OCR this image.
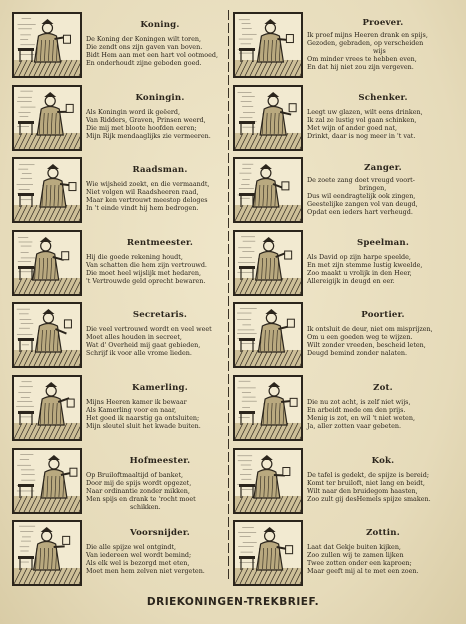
Koning.
De Koning der Koningen wilt toren,
Die zendt ons zijn gaven van boven.
Bidt Hem aan met een hart vol ootmoed,
En onderhoudt zijne geboden goed.
Koningin.
Als Koningin word ik geëerd,
Van Ridders, Graven, Prinsen weerd,
Die mij met bloote hoofden eeren;
Mijn Rijk mendaaglijks zie vermeeren.
Raadsman.
Wie wijsheid zoekt, en die vermaandt,
Niet volgen wil Raadsheeren raad,
Maar ken vertrouwt meestop deloges
In 't einde vindt hij hem bedrogen.
Rentmeester.
Hij die goede rekening houdt,
Van schatten die hem zijn vertrouwd.
Die moet heel wijslijk met hedaren,
't Vertrouwde geld oprecht bewaren.
Secretaris.
Die veel vertrouwd wordt en veel weet
Moet alles houden in secreet,
Wat d' Overheid mij gaat gebieden,
Schrijf ik voor alle vrome lieden.
Kamerling.
Mijns Heeren kamer ik bewaar
Als Kamerling voor en naar,
Het goed ik naarstig ga ontsluiten;
Mijn sleutel sluit het kwade buiten.
Hofmeester.
Op Bruiloftmaaltijd of banket,
Door mij de spijs wordt opgezet,
Naar ordinantie zonder mikken,
Men spijs en drank te 'rocht moet
schikken.
Voorsnijder.
Die alle spijze wel ontgindt,
Van iedereen wel wordt bemind;
Als elk wel is bezorgd met eten,
Moet men hem zelven niet vergeten.
Proever.
Ik proef mijns Heeren drank en spijs,
Gezoden, gebraden, op verscheiden
wijs
Om minder vrees te hebben even,
En dat hij niet zou zijn vergeven.
Schenker.
Leegt uw glazen, wilt eens drinken,
Ik zal ze lustig vol gaan schinken,
Met wijn of ander goed nat,
Drinkt, daar is nog meer in 't vat.
Zanger.
De zoete zang doet vreugd voort-
bringen,
Dus wil eendragtelijk ook zingen,
Geestelijke zangen vol van deugd,
Opdat een ieders hart verheugd.
Speelman.
Als David op zijn harpe speelde,
En met zijn stemme lustig kweelde,
Zoo maakt u vrolijk in den Heer,
Allereigijk in deugd en eer.
Poortier.
Ik ontsluit de deur, niet om misprijzen,
Om u een goeden weg te wijzen.
Wilt zonder vreeden, bescheid leten,
Deugd bemind zonder nalaten.
Zot.
Die nu zot acht, is zelf niet wijs,
En arbeidt mede om den prijs.
Menig is zot, en wil 't niet weten,
Ja, aller zotten vaar gebeten.
Kok.
De tafel is gedekt, de spijze is bereid;
Komt ter bruiloft, niet lang en beidt,
Wilt naar den bruidegom haasten,
Zoo zult gij desHemels spijze smaken.
Zottin.
Laat dat Gekje buiten kijken,
Zoo zullen wij te zamen lijken
Twee zotten onder een kaproen;
Maar geeft mij al te met een zoen.
DRIEKONINGEN-TREKBRIEF.
